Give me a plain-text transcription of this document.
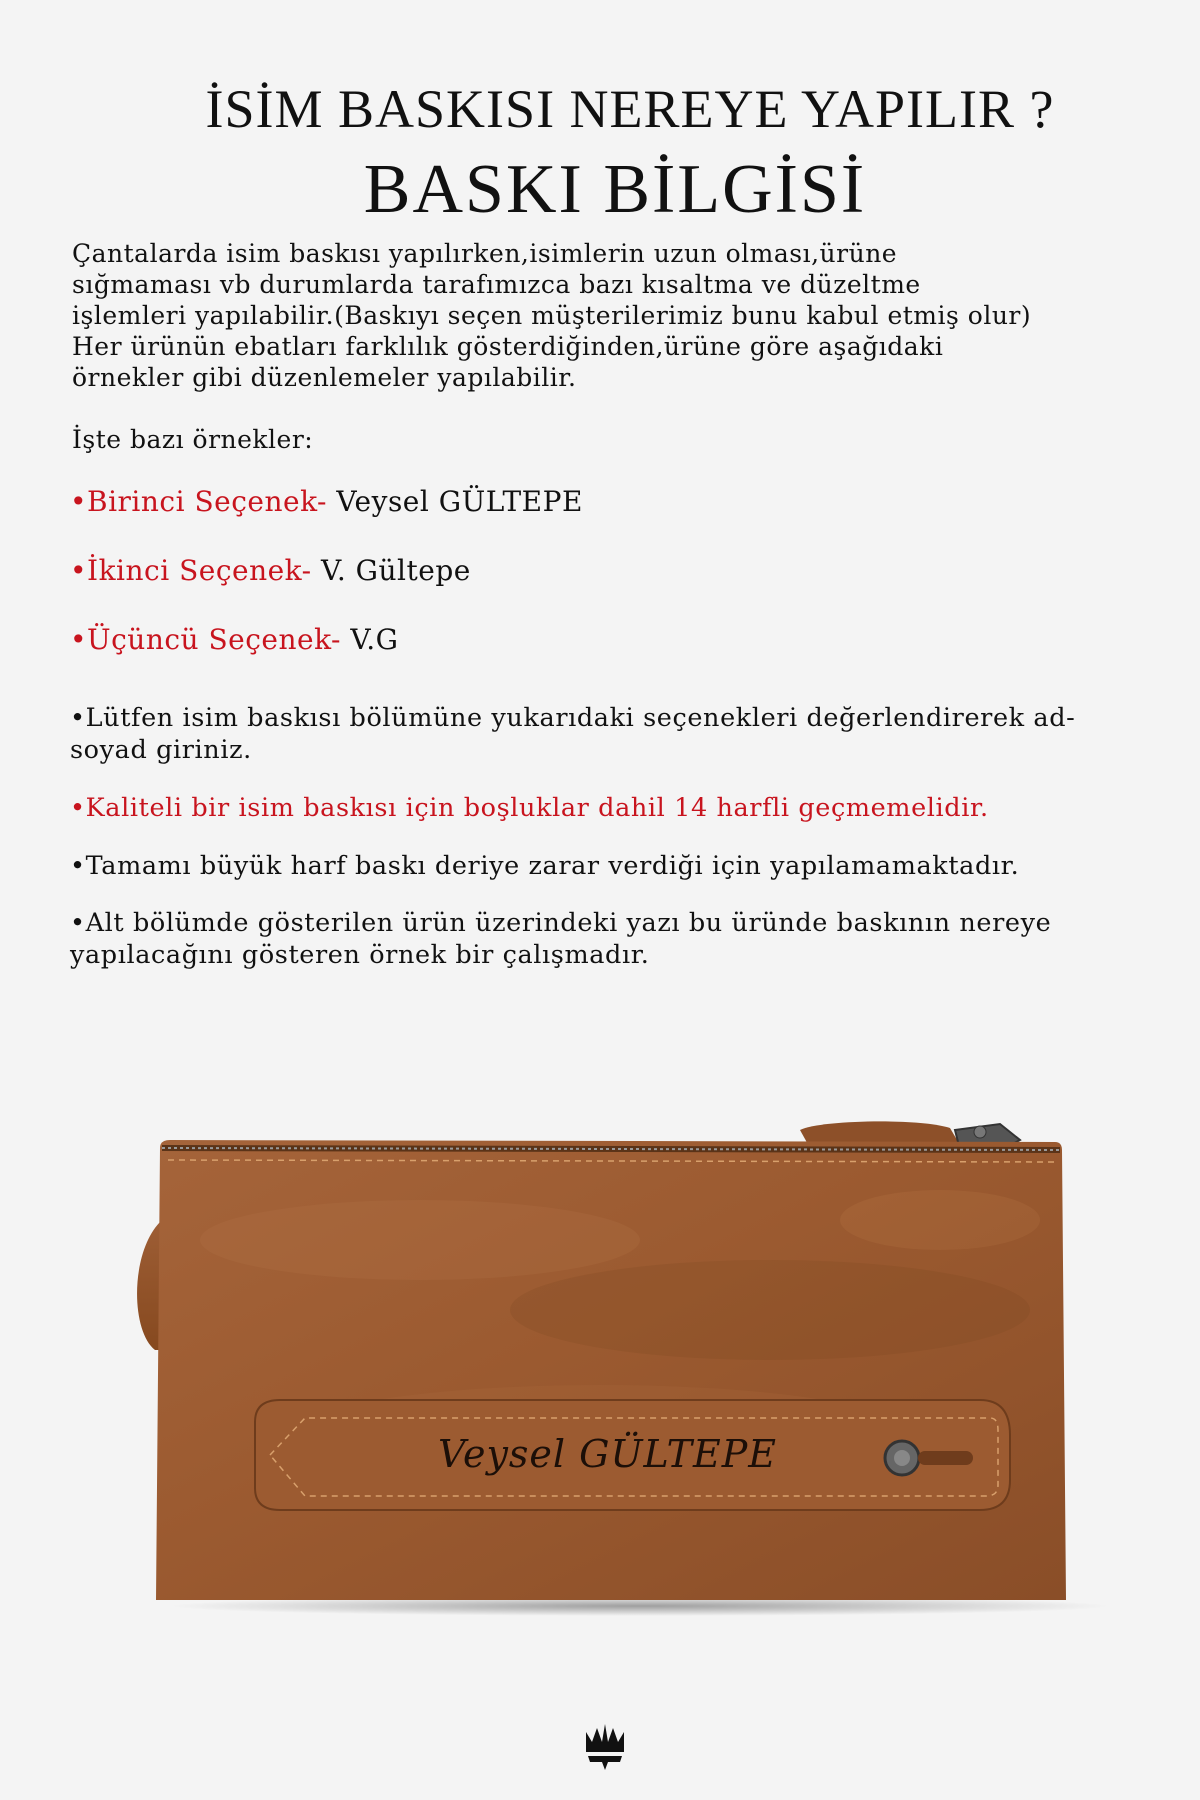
İSİM BASKISI NEREYE YAPILIR ?
BASKI BİLGİSİ

Çantalarda isim baskısı yapılırken,isimlerin uzun olması,ürüne

sığmaması vb durumlarda tarafımızca bazı kısaltma ve düzeltme

işlemleri yapılabilir.(Baskıyı seçen müşterilerimiz bunu kabul etmiş olur)

Her ürünün ebatları farklılık gösterdiğinden,ürüne göre aşağıdaki

örnekler gibi düzenlemeler yapılabilir.

İşte bazı örnekler:
•Birinci Seçenek- Veysel GÜLTEPE
•İkinci Seçenek- V. Gültepe
•Üçüncü Seçenek- V.G
•Lütfen isim baskısı bölümüne yukarıdaki seçenekleri değerlendirerek ad-soyad giriniz.
•Kaliteli bir isim baskısı için boşluklar dahil 14 harfli geçmemelidir.
•Tamamı büyük harf baskı deriye zarar verdiği için yapılamamaktadır.
•Alt bölümde gösterilen ürün üzerindeki yazı bu üründe baskının nereye yapılacağını gösteren örnek bir çalışmadır.
Veysel GÜLTEPE
